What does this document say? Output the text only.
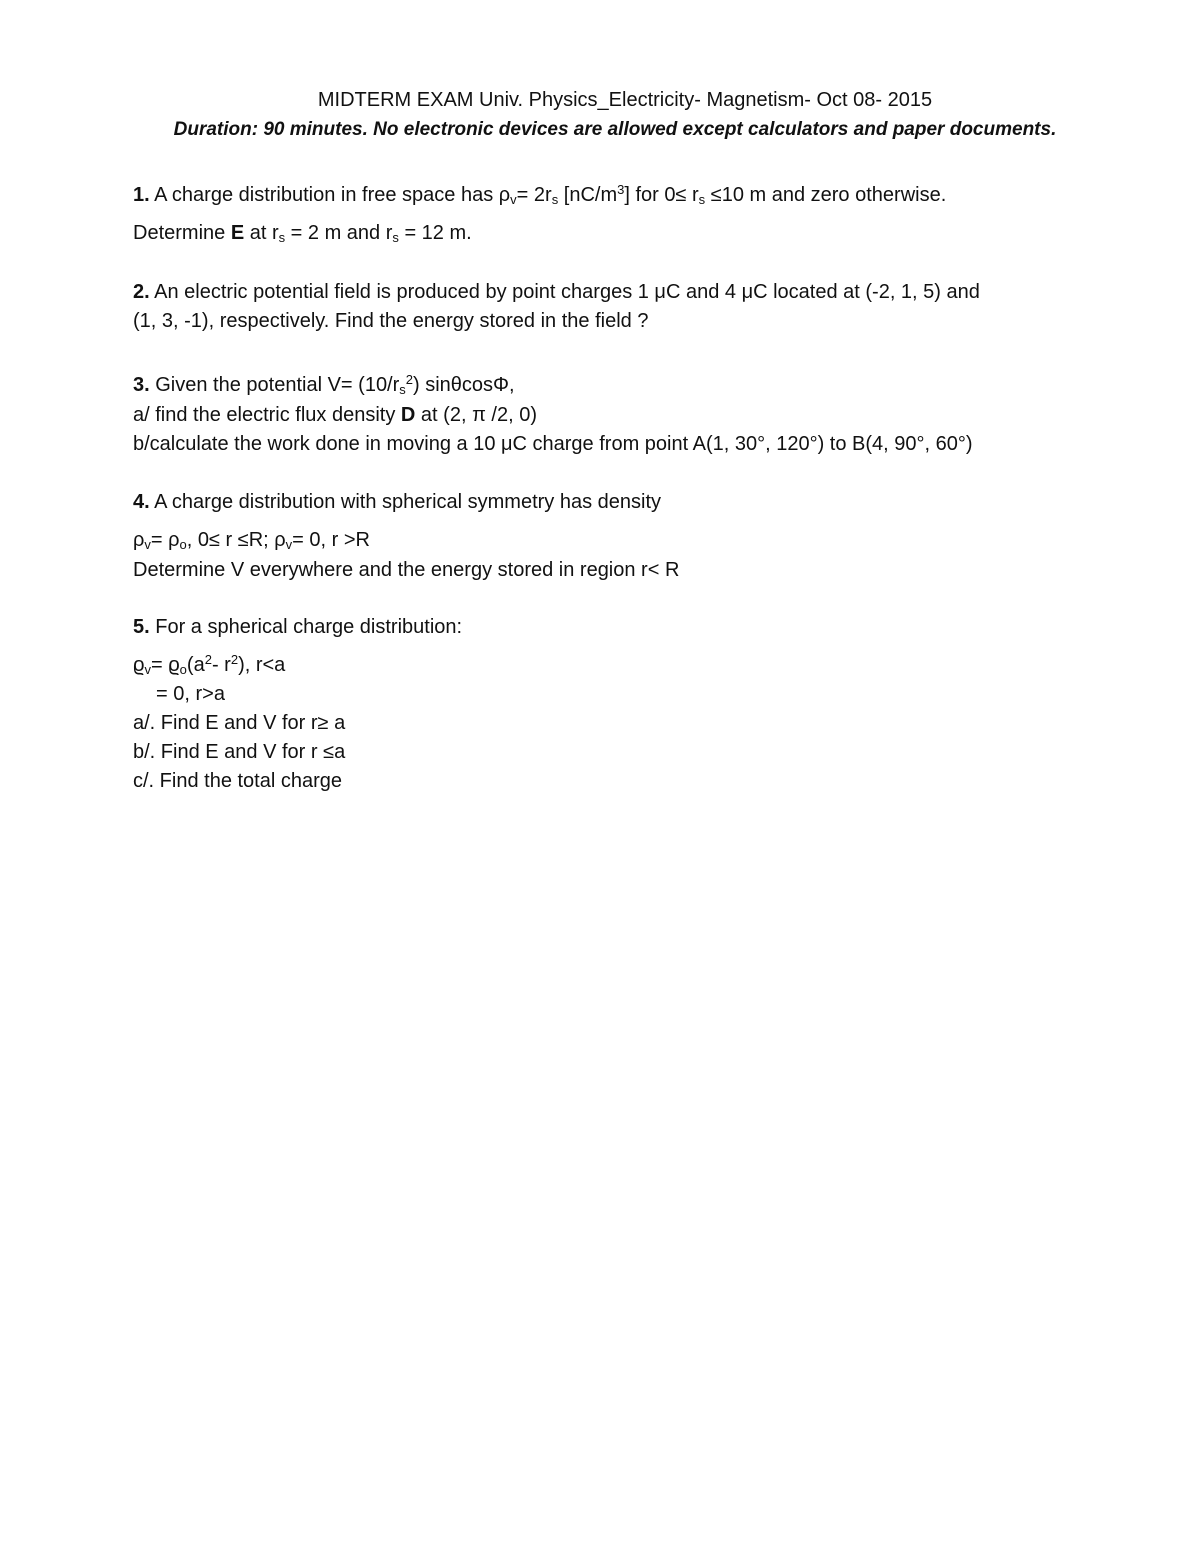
MIDTERM EXAM Univ. Physics_Electricity- Magnetism- Oct 08- 2015
Duration: 90 minutes. No electronic devices are allowed except calculators and paper documents.
1. A charge distribution in free space has $\rho_v= 2r_s$ $[nC/m^3]$ for $0\le r_s \le 10$ m and zero otherwise.
Determine E at $r_s = 2$ m and $r_s = 12$ m.
2. An electric potential field is produced by point charges 1 μC and 4 μC located at (-2, 1, 5) and
(1, 3, -1), respectively. Find the energy stored in the field ?
3. Given the potential $V= (10/r_s^2)$ sinθcosΦ,
a/ find the electric flux density D at (2, π /2, 0)
b/calculate the work done in moving a 10 μC charge from point A(1, 30°, 120°) to B(4, 90°, 60°)
4. A charge distribution with spherical symmetry has density
$\rho_v= \rho_o$, 0≤ r ≤R; $\rho_v= 0$, r >R
Determine V everywhere and the energy stored in region r< R
5. For a spherical charge distribution:
$ϱ_v= ϱ_o(a^2-$ $r^2$), r<a
= 0, r>a
a/. Find E and V for r≥ a
b/. Find E and V for r ≤a
c/. Find the total charge
